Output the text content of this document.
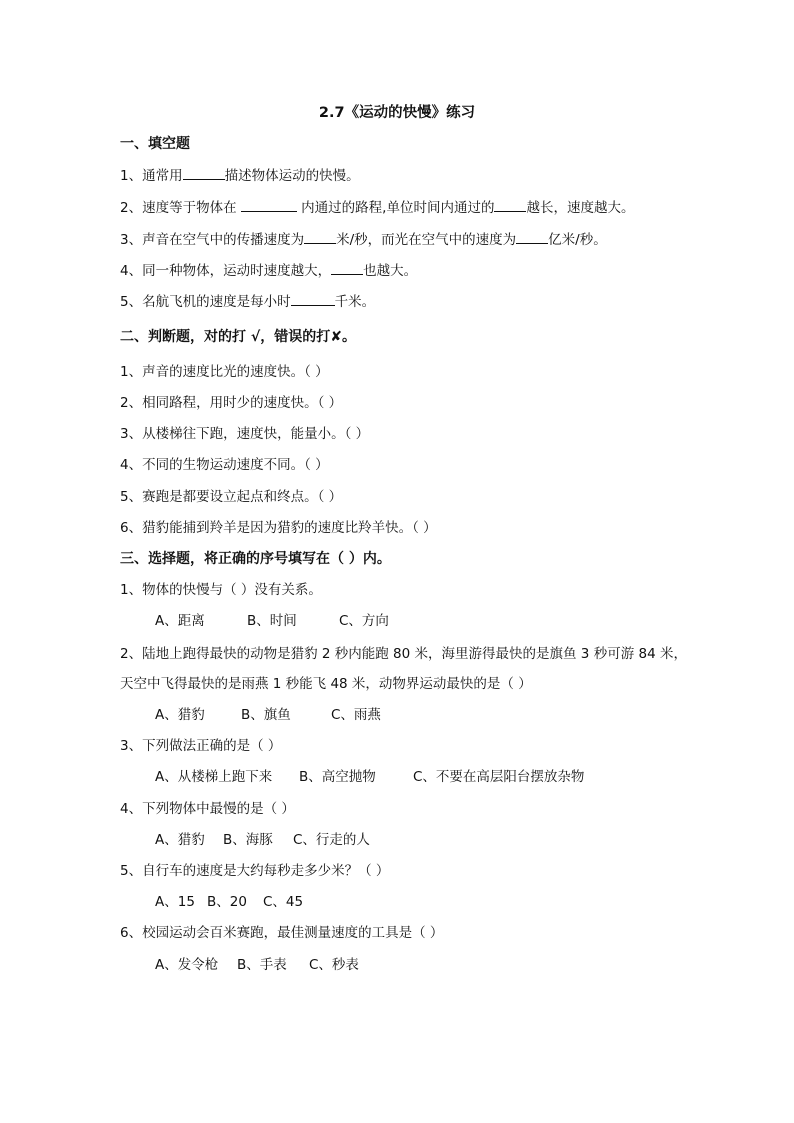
2.7《运动的快慢》练习
一、填空题
1、通常用	描述物体运动的快慢。
2、速度等于物体在	内通过的路程,单位时间内通过的 越长，速度越大。
3、声音在空气中的传播速度为 米/秒，而光在空气中的速度为 亿米/秒。
4、同一种物体，运动时速度越大， 也越大。
5、名航飞机的速度是每小时	千米。
二、判断题，对的打 √，错误的打✘。
1、声音的速度比光的速度快。（ ）
2、相同路程，用时少的速度快。（ ）
3、从楼梯往下跑，速度快，能量小。（ ）
4、不同的生物运动速度不同。（ ）
5、赛跑是都要设立起点和终点。（ ）
6、猎豹能捕到羚羊是因为猎豹的速度比羚羊快。（ ）
三、选择题，将正确的序号填写在（ ）内。
1、物体的快慢与（ ）没有关系。
A、距离	B、时间	C、方向
2、陆地上跑得最快的动物是猎豹 2 秒内能跑 80 米，海里游得最快的是旗鱼 3 秒可游 84 米，
天空中飞得最快的是雨燕 1 秒能飞 48 米，动物界运动最快的是（ ）
A、猎豹	B、旗鱼	C、雨燕
3、下列做法正确的是（ ）
A、从楼梯上跑下来 B、高空抛物	C、不要在高层阳台摆放杂物
4、下列物体中最慢的是（ ）
A、猎豹 B、海豚 C、行走的人
5、自行车的速度是大约每秒走多少米？（ ）
A、15 B、20 C、45
6、校园运动会百米赛跑，最佳测量速度的工具是（ ）
A、发令枪 B、手表 C、秒表
